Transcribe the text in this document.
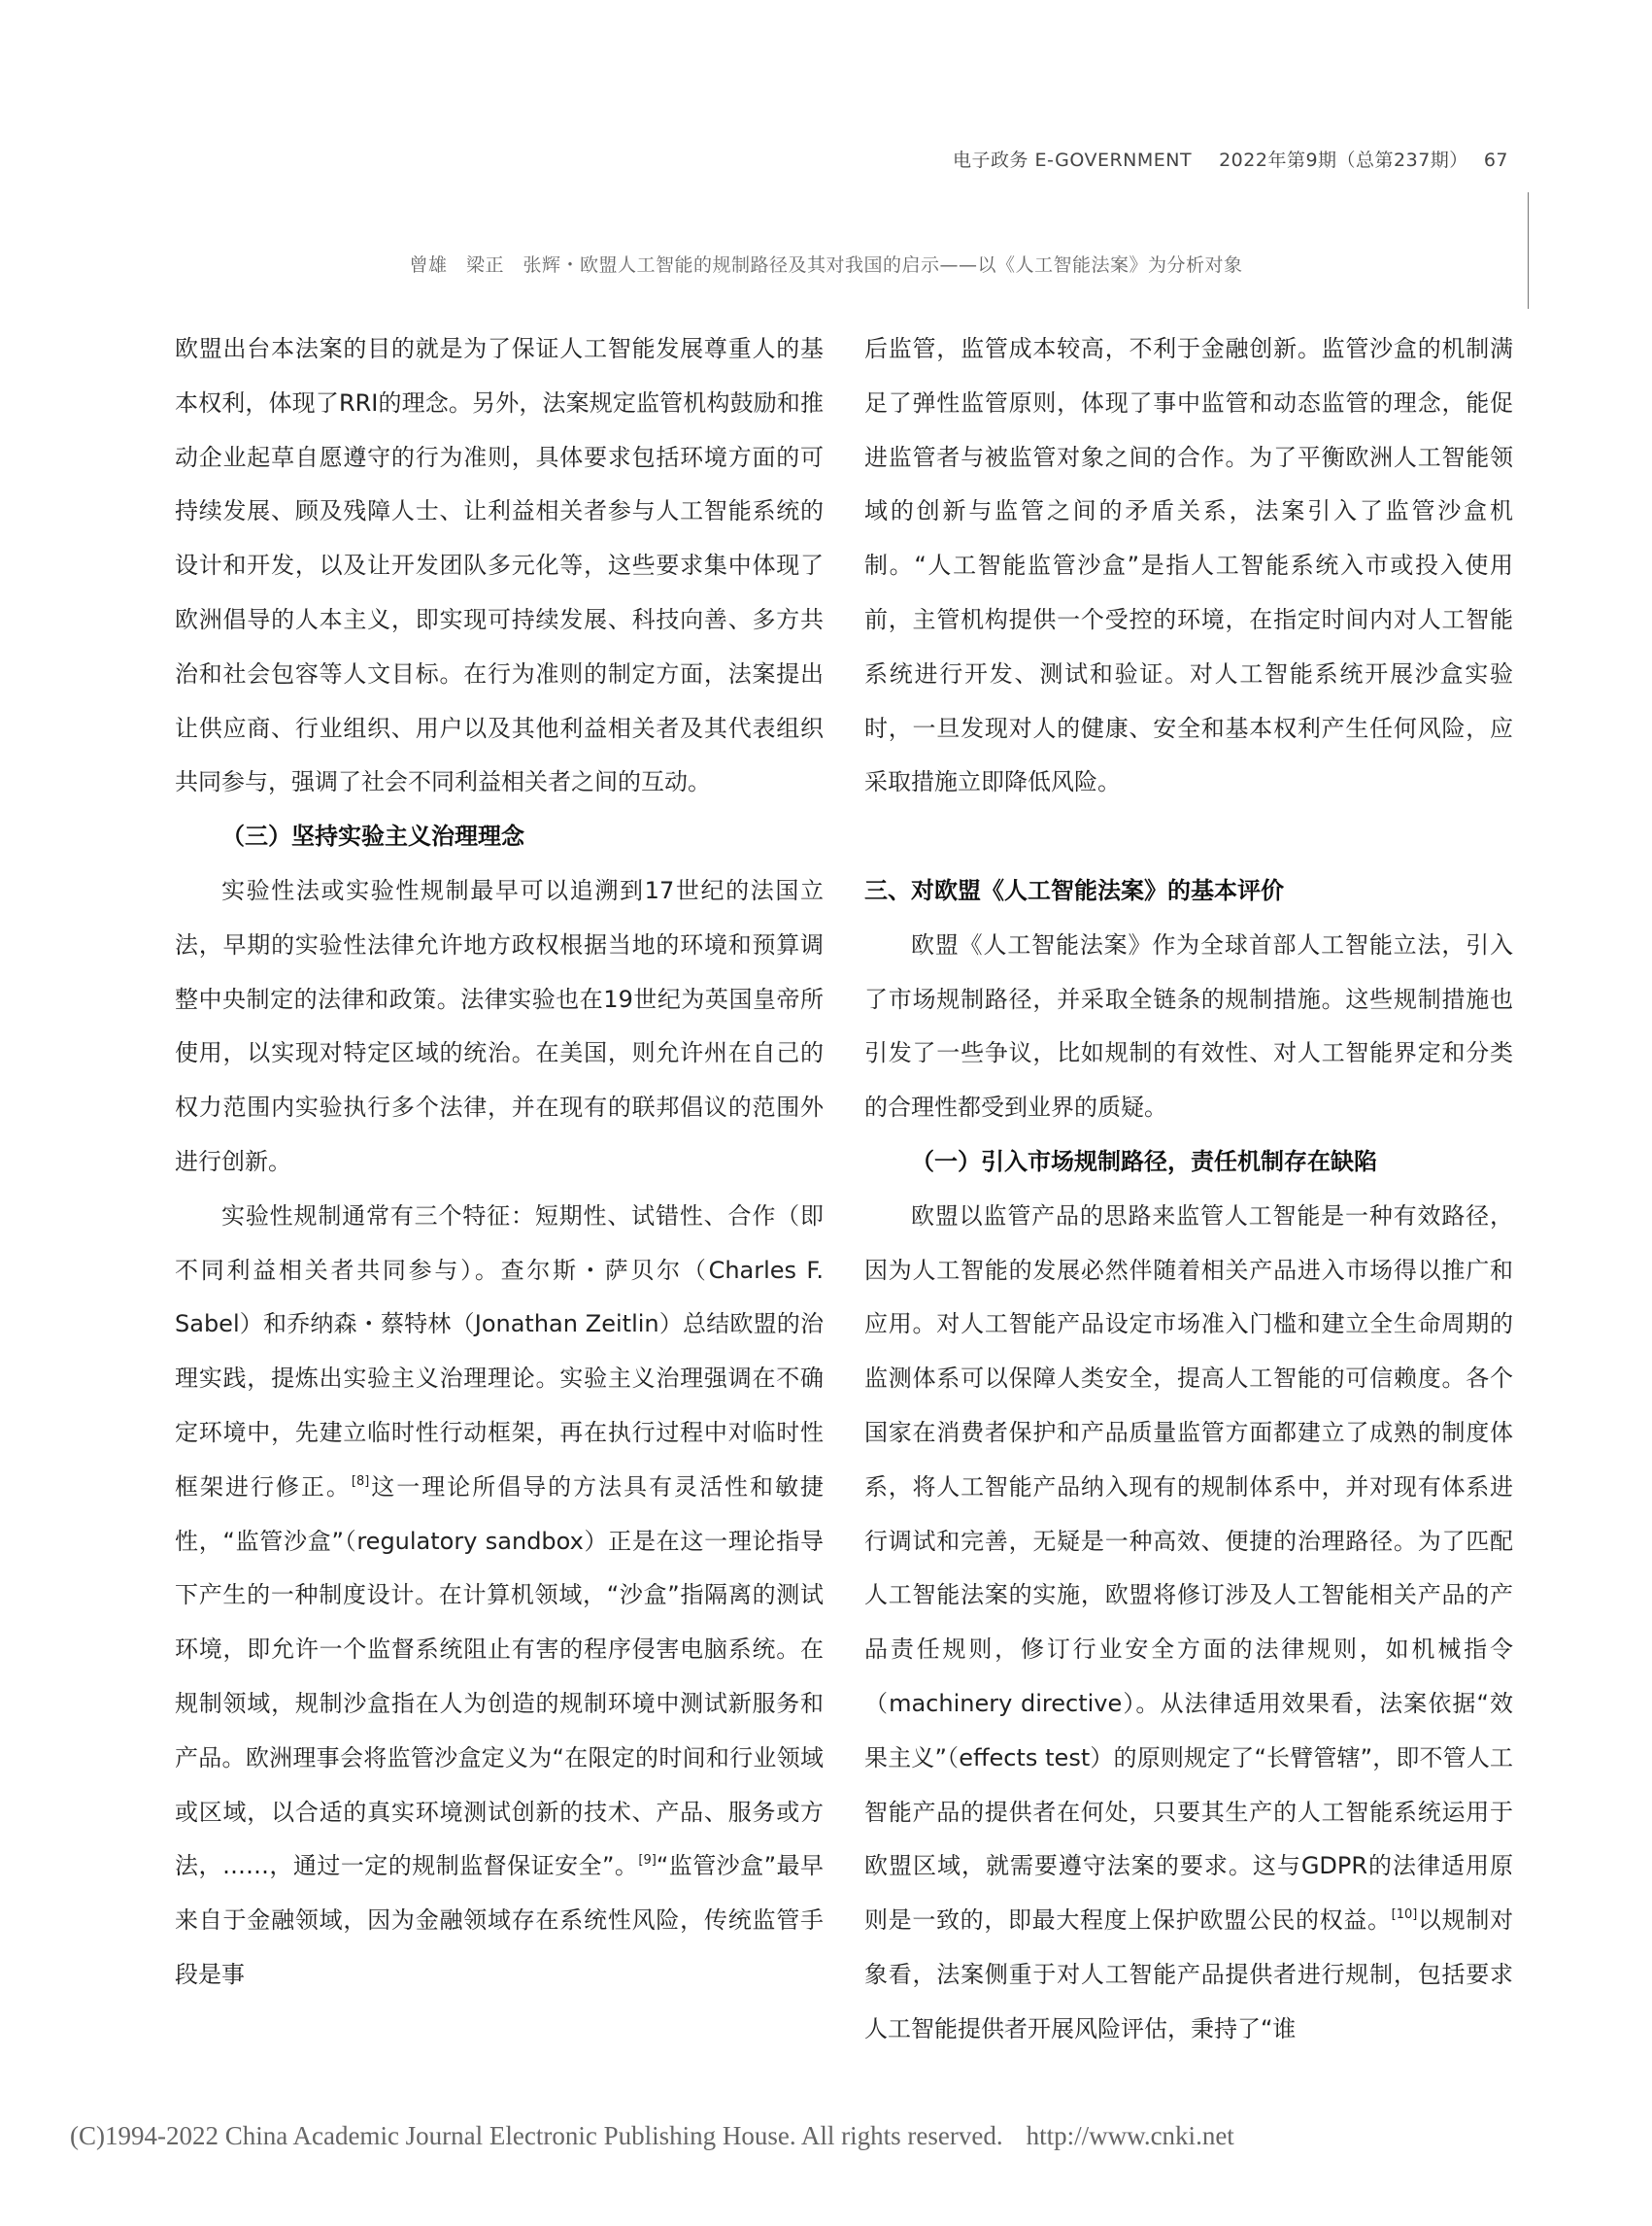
电子政务 E-GOVERNMENT 2022年第9期（总第237期） 67
曾雄　梁正　张辉・欧盟人工智能的规制路径及其对我国的启示——以《人工智能法案》为分析对象

欧盟出台本法案的目的就是为了保证人工智能发展尊重人的基本权利，体现了RRI的理念。另外，法案规定监管机构鼓励和推动企业起草自愿遵守的行为准则，具体要求包括环境方面的可持续发展、顾及残障人士、让利益相关者参与人工智能系统的设计和开发，以及让开发团队多元化等，这些要求集中体现了欧洲倡导的人本主义，即实现可持续发展、科技向善、多方共治和社会包容等人文目标。在行为准则的制定方面，法案提出让供应商、行业组织、用户以及其他利益相关者及其代表组织共同参与，强调了社会不同利益相关者之间的互动。

（三）坚持实验主义治理理念

实验性法或实验性规制最早可以追溯到17世纪的法国立法，早期的实验性法律允许地方政权根据当地的环境和预算调整中央制定的法律和政策。法律实验也在19世纪为英国皇帝所使用，以实现对特定区域的统治。在美国，则允许州在自己的权力范围内实验执行多个法律，并在现有的联邦倡议的范围外进行创新。

实验性规制通常有三个特征：短期性、试错性、合作（即不同利益相关者共同参与）。查尔斯・萨贝尔（Charles F. Sabel）和乔纳森・蔡特林（Jonathan Zeitlin）总结欧盟的治理实践，提炼出实验主义治理理论。实验主义治理强调在不确定环境中，先建立临时性行动框架，再在执行过程中对临时性框架进行修正。[8]这一理论所倡导的方法具有灵活性和敏捷性，“监管沙盒”（regulatory sandbox）正是在这一理论指导下产生的一种制度设计。在计算机领域，“沙盒”指隔离的测试环境，即允许一个监督系统阻止有害的程序侵害电脑系统。在规制领域，规制沙盒指在人为创造的规制环境中测试新服务和产品。欧洲理事会将监管沙盒定义为“在限定的时间和行业领域或区域，以合适的真实环境测试创新的技术、产品、服务或方法，……，通过一定的规制监督保证安全”。[9]“监管沙盒”最早来自于金融领域，因为金融领域存在系统性风险，传统监管手段是事

后监管，监管成本较高，不利于金融创新。监管沙盒的机制满足了弹性监管原则，体现了事中监管和动态监管的理念，能促进监管者与被监管对象之间的合作。为了平衡欧洲人工智能领域的创新与监管之间的矛盾关系，法案引入了监管沙盒机制。“人工智能监管沙盒”是指人工智能系统入市或投入使用前，主管机构提供一个受控的环境，在指定时间内对人工智能系统进行开发、测试和验证。对人工智能系统开展沙盒实验时，一旦发现对人的健康、安全和基本权利产生任何风险，应采取措施立即降低风险。

三、对欧盟《人工智能法案》的基本评价

欧盟《人工智能法案》作为全球首部人工智能立法，引入了市场规制路径，并采取全链条的规制措施。这些规制措施也引发了一些争议，比如规制的有效性、对人工智能界定和分类的合理性都受到业界的质疑。

（一）引入市场规制路径，责任机制存在缺陷

欧盟以监管产品的思路来监管人工智能是一种有效路径，因为人工智能的发展必然伴随着相关产品进入市场得以推广和应用。对人工智能产品设定市场准入门槛和建立全生命周期的监测体系可以保障人类安全，提高人工智能的可信赖度。各个国家在消费者保护和产品质量监管方面都建立了成熟的制度体系，将人工智能产品纳入现有的规制体系中，并对现有体系进行调试和完善，无疑是一种高效、便捷的治理路径。为了匹配人工智能法案的实施，欧盟将修订涉及人工智能相关产品的产品责任规则，修订行业安全方面的法律规则，如机械指令（machinery directive）。从法律适用效果看，法案依据“效果主义”（effects test）的原则规定了“长臂管辖”，即不管人工智能产品的提供者在何处，只要其生产的人工智能系统运用于欧盟区域，就需要遵守法案的要求。这与GDPR的法律适用原则是一致的，即最大程度上保护欧盟公民的权益。[10]以规制对象看，法案侧重于对人工智能产品提供者进行规制，包括要求人工智能提供者开展风险评估，秉持了“谁

(C)1994-2022 China Academic Journal Electronic Publishing House. All rights reserved. http://www.cnki.net
